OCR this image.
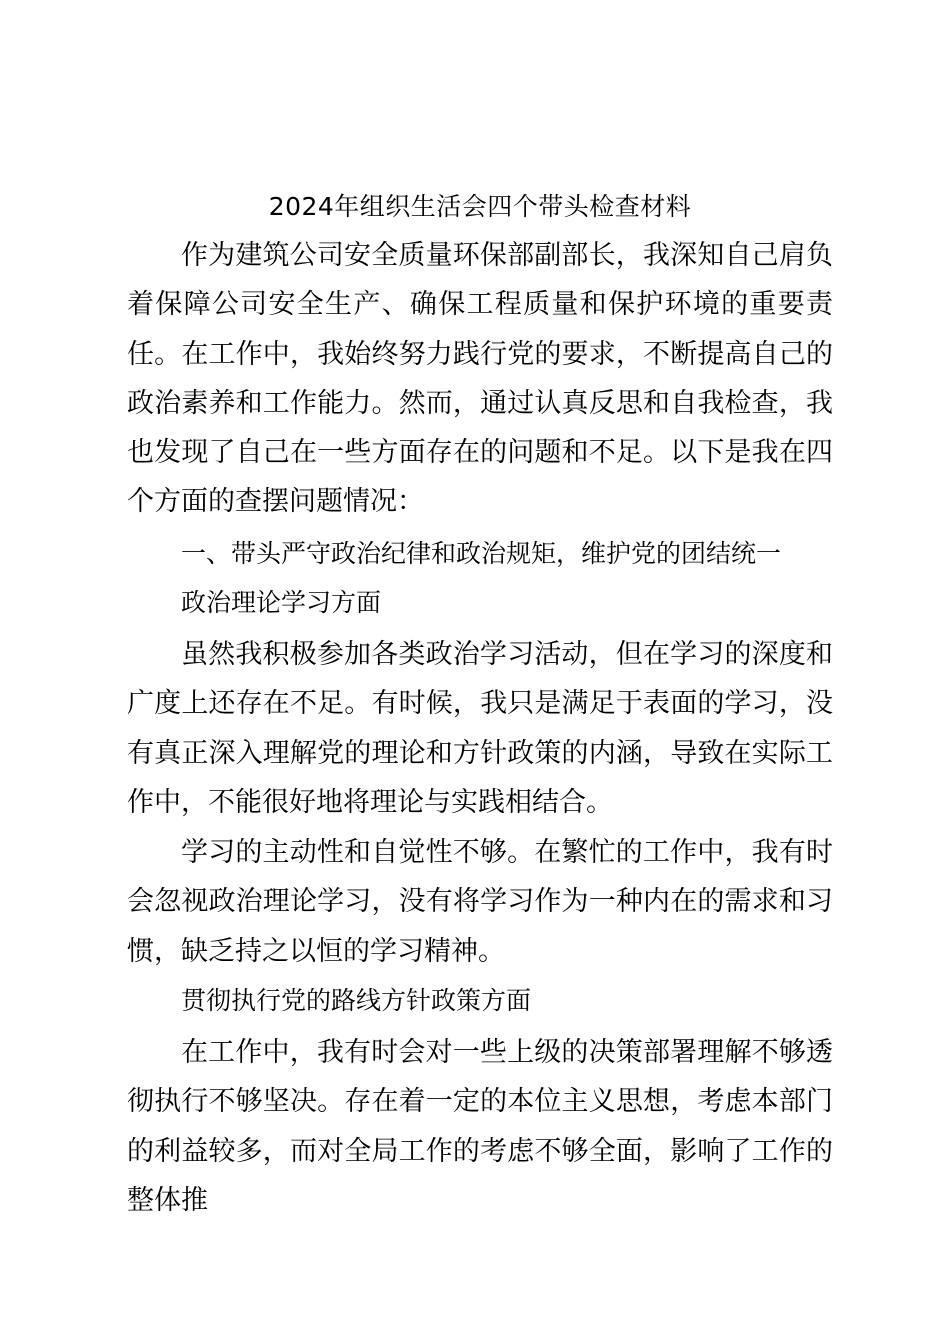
2024年组织生活会四个带头检查材料
作为建筑公司安全质量环保部副部长，我深知自己肩负着保障公司安全生产、确保工程质量和保护环境的重要责任。在工作中，我始终努力践行党的要求，不断提高自己的政治素养和工作能力。然而，通过认真反思和自我检查，我也发现了自己在一些方面存在的问题和不足。以下是我在四个方面的查摆问题情况：
一、带头严守政治纪律和政治规矩，维护党的团结统一
政治理论学习方面
虽然我积极参加各类政治学习活动，但在学习的深度和广度上还存在不足。有时候，我只是满足于表面的学习，没有真正深入理解党的理论和方针政策的内涵，导致在实际工作中，不能很好地将理论与实践相结合。
学习的主动性和自觉性不够。在繁忙的工作中，我有时会忽视政治理论学习，没有将学习作为一种内在的需求和习惯，缺乏持之以恒的学习精神。
贯彻执行党的路线方针政策方面
在工作中，我有时会对一些上级的决策部署理解不够透彻执行不够坚决。存在着一定的本位主义思想，考虑本部门的利益较多，而对全局工作的考虑不够全面，影响了工作的整体推
